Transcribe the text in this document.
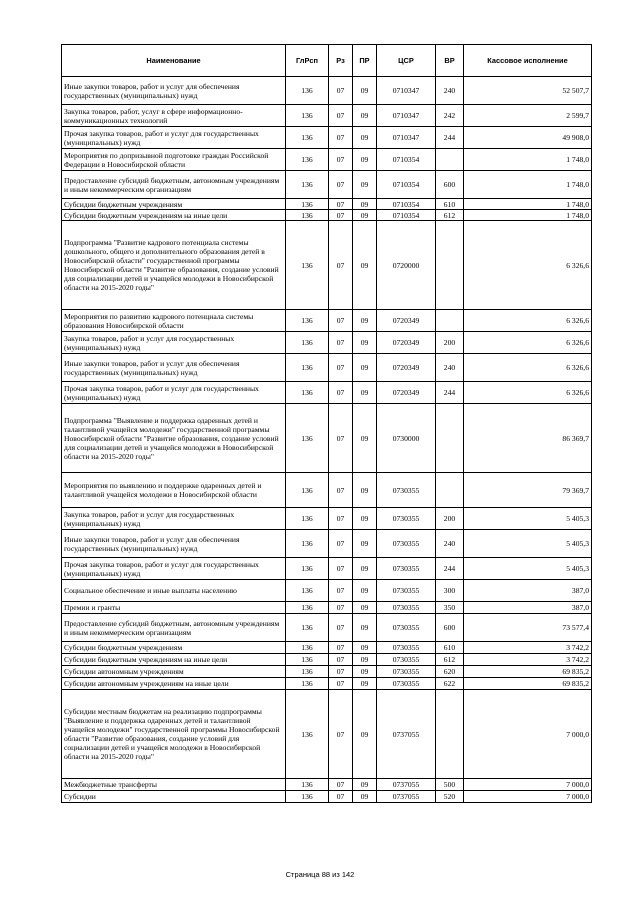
Наименование	ГлРсп	Рз	ПР	ЦСР	ВР	Кассовое исполнение
Иные закупки товаров, работ и услуг для обеспечения государственных (муниципальных) нужд	136	07	09	0710347	240	52 507,7
Закупка товаров, работ, услуг в сфере информационно-коммуникационных технологий	136	07	09	0710347	242	2 599,7
Прочая закупка товаров, работ и услуг для государственных (муниципальных) нужд	136	07	09	0710347	244	49 908,0
Мероприятия по допризывной подготовке граждан Российской Федерации в Новосибирской области	136	07	09	0710354		1 748,0
Предоставление субсидий бюджетным, автономным учреждениям и иным некоммерческим организациям	136	07	09	0710354	600	1 748,0
Субсидии бюджетным учреждениям	136	07	09	0710354	610	1 748,0
Субсидии бюджетным учреждениям на иные цели	136	07	09	0710354	612	1 748,0
Подпрограмма "Развитие кадрового потенциала системы дошкольного, общего и дополнительного образования детей в Новосибирской области" государственной программы Новосибирской области "Развитие образования, создание условий для социализации детей и учащейся молодежи в Новосибирской области на 2015-2020 годы"	136	07	09	0720000		6 326,6
Мероприятия по развитию кадрового потенциала системы образования Новосибирской области	136	07	09	0720349		6 326,6
Закупка товаров, работ и услуг для государственных (муниципальных) нужд	136	07	09	0720349	200	6 326,6
Иные закупки товаров, работ и услуг для обеспечения государственных (муниципальных) нужд	136	07	09	0720349	240	6 326,6
Прочая закупка товаров, работ и услуг для государственных (муниципальных) нужд	136	07	09	0720349	244	6 326,6
Подпрограмма "Выявление и поддержка одаренных детей и талантливой учащейся молодежи" государственной программы Новосибирской области "Развитие образования, создание условий для социализации детей и учащейся молодежи в Новосибирской области на 2015-2020 годы"	136	07	09	0730000		86 369,7
Мероприятия по выявлению и поддержке одаренных детей и талантливой учащейся молодежи в Новосибирской области	136	07	09	0730355		79 369,7
Закупка товаров, работ и услуг для государственных (муниципальных) нужд	136	07	09	0730355	200	5 405,3
Иные закупки товаров, работ и услуг для обеспечения государственных (муниципальных) нужд	136	07	09	0730355	240	5 405,3
Прочая закупка товаров, работ и услуг для государственных (муниципальных) нужд	136	07	09	0730355	244	5 405,3
Социальное обеспечение и иные выплаты населению	136	07	09	0730355	300	387,0
Премии и гранты	136	07	09	0730355	350	387,0
Предоставление субсидий бюджетным, автономным учреждениям и иным некоммерческим организациям	136	07	09	0730355	600	73 577,4
Субсидии бюджетным учреждениям	136	07	09	0730355	610	3 742,2
Субсидии бюджетным учреждениям на иные цели	136	07	09	0730355	612	3 742,2
Субсидии автономным учреждениям	136	07	09	0730355	620	69 835,2
Субсидии автономным учреждениям на иные цели	136	07	09	0730355	622	69 835,2
Субсидии местным бюджетам на реализацию подпрограммы "Выявление и поддержка одаренных детей и талантливой учащейся молодежи" государственной программы Новосибирской области "Развитие образования, создание условий для социализации детей и учащейся молодежи в Новосибирской области на 2015-2020 годы"	136	07	09	0737055		7 000,0
Межбюджетные трансферты	136	07	09	0737055	500	7 000,0
Субсидии	136	07	09	0737055	520	7 000,0
Страница 88 из 142
